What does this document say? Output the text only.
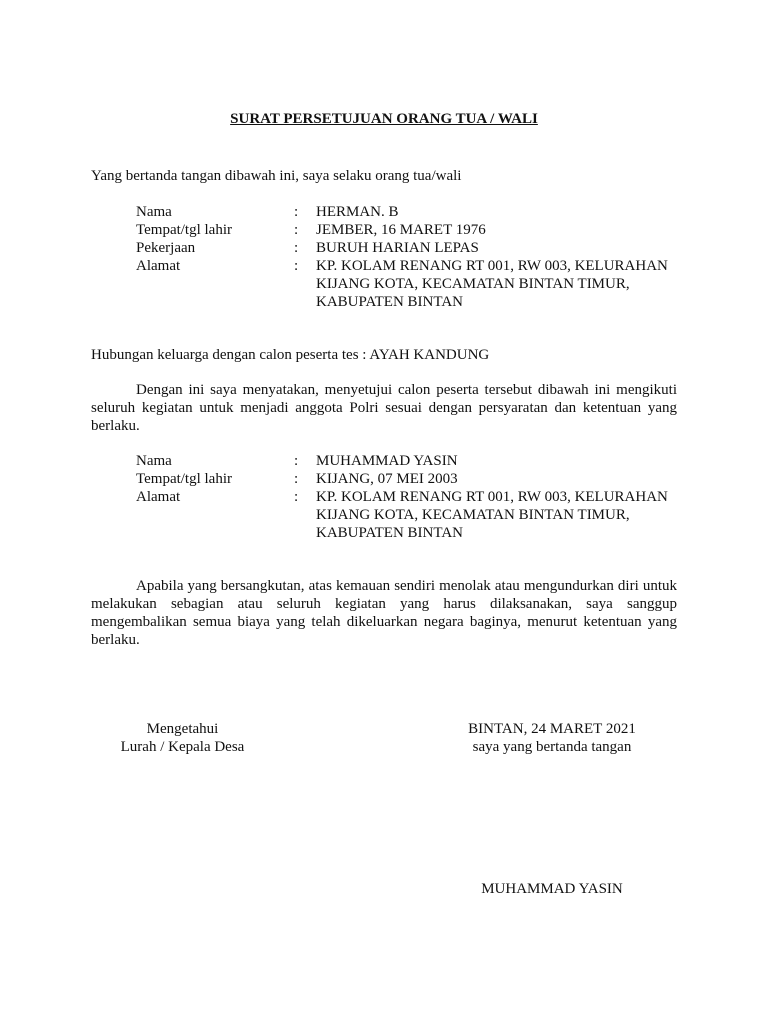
SURAT PERSETUJUAN ORANG TUA / WALI
Yang bertanda tangan dibawah ini, saya selaku orang tua/wali
Nama	:	HERMAN. B
Tempat/tgl lahir	:	JEMBER, 16 MARET 1976
Pekerjaan	:	BURUH HARIAN LEPAS
Alamat	:	KP. KOLAM RENANG RT 001, RW 003, KELURAHAN
KIJANG KOTA, KECAMATAN BINTAN TIMUR,
KABUPATEN BINTAN
Hubungan keluarga dengan calon peserta tes : AYAH KANDUNG
Dengan ini saya menyatakan, menyetujui calon peserta tersebut dibawah ini mengikuti seluruh kegiatan untuk menjadi anggota Polri sesuai dengan persyaratan dan ketentuan yang berlaku.
Nama	:	MUHAMMAD YASIN
Tempat/tgl lahir	:	KIJANG, 07 MEI 2003
Alamat	:	KP. KOLAM RENANG RT 001, RW 003, KELURAHAN
KIJANG KOTA, KECAMATAN BINTAN TIMUR,
KABUPATEN BINTAN
Apabila yang bersangkutan, atas kemauan sendiri menolak atau mengundurkan diri untuk melakukan sebagian atau seluruh kegiatan yang harus dilaksanakan, saya sanggup mengembalikan semua biaya yang telah dikeluarkan negara baginya, menurut ketentuan yang berlaku.
Mengetahui
Lurah / Kepala Desa
BINTAN, 24 MARET 2021
saya yang bertanda tangan
MUHAMMAD YASIN
